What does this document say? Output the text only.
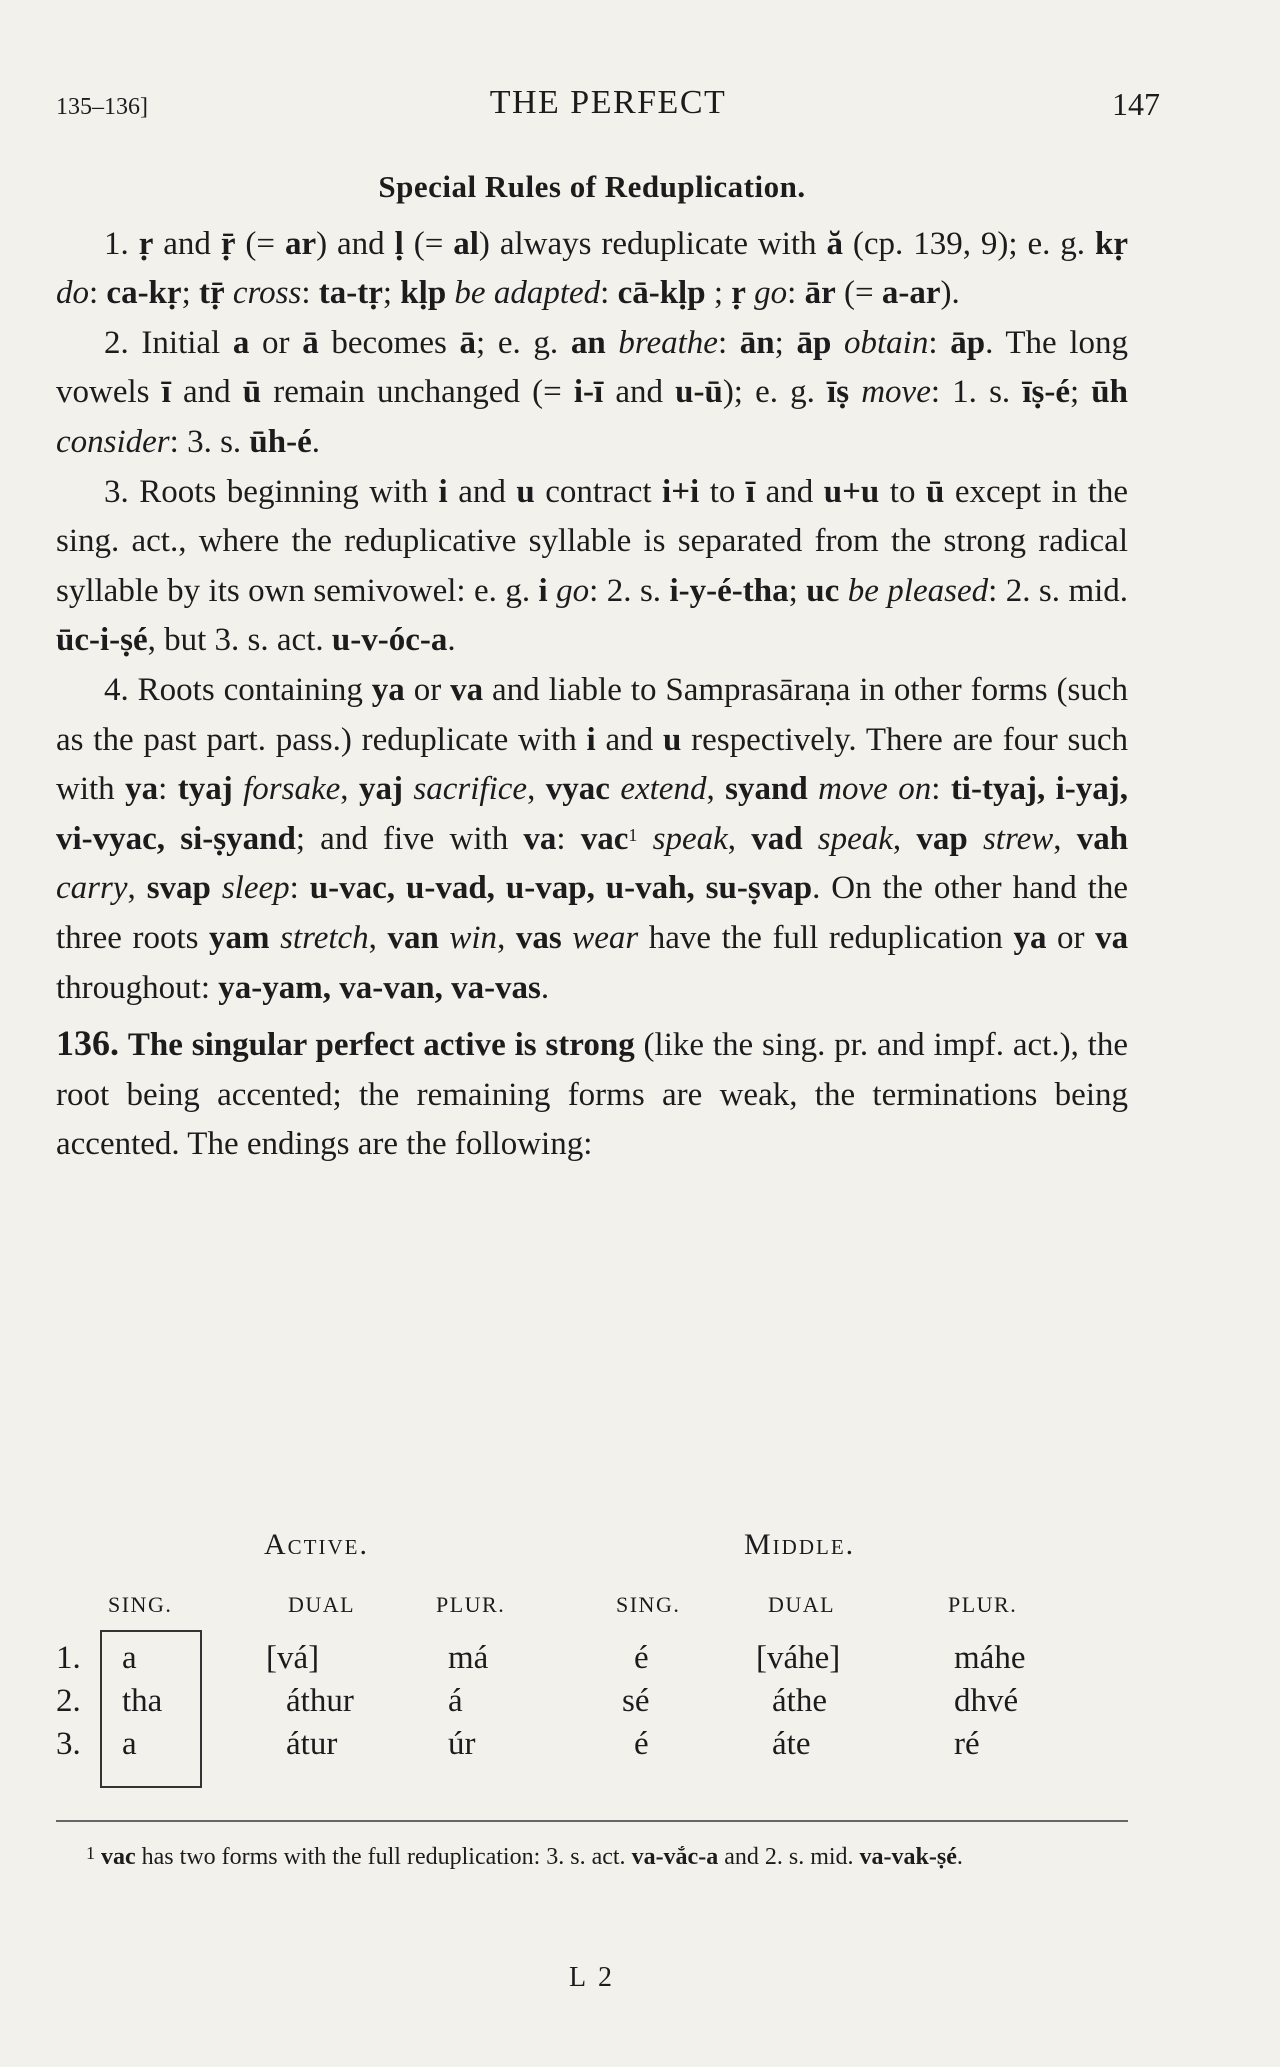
135–136]	THE PERFECT	147
Special Rules of Reduplication.

1. ṛ and ṝ (= ar) and ḷ (= al) always reduplicate with ă (cp. 139, 9); e. g. kṛ do: ca-kṛ; tṝ cross: ta-tṛ; kḷp be adapted: cā-kḷp ; ṛ go: ār (= a-ar).

2. Initial a or ā becomes ā; e. g. an breathe: ān; āp obtain: āp. The long vowels ī and ū remain unchanged (= i-ī and u-ū); e. g. īṣ move: 1. s. īṣ-é; ūh consider: 3. s. ūh-é.

3. Roots beginning with i and u contract i+i to ī and u+u to ū except in the sing. act., where the reduplicative syllable is separated from the strong radical syllable by its own semivowel: e. g. i go: 2. s. i-y-é-tha; uc be pleased: 2. s. mid. ūc-i-ṣé, but 3. s. act. u-v-óc-a.

4. Roots containing ya or va and liable to Samprasāraṇa in other forms (such as the past part. pass.) reduplicate with i and u respectively. There are four such with ya: tyaj forsake, yaj sacrifice, vyac extend, syand move on: ti-tyaj, i-yaj, vi-vyac, si-ṣyand; and five with va: vac$^1$ speak, vad speak, vap strew, vah carry, svap sleep: u-vac, u-vad, u-vap, u-vah, su-ṣvap. On the other hand the three roots yam stretch, van win, vas wear have the full reduplication ya or va throughout: ya-yam, va-van, va-vas.

136. The singular perfect active is strong (like the sing. pr. and impf. act.), the root being accented; the remaining forms are weak, the terminations being accented. The endings are the following:

Active.	Middle.
SING.	DUAL	PLUR.	SING.	DUAL	PLUR.
1. a	[vá]	má	é	[váhe]	máhe
2. tha	áthur	á	sé	áthe	dhvé
3. a	átur	úr	é	áte	ré
$^1$ vac has two forms with the full reduplication: 3. s. act. va-vắc-a and 2. s. mid. va-vak-ṣé.
L 2
